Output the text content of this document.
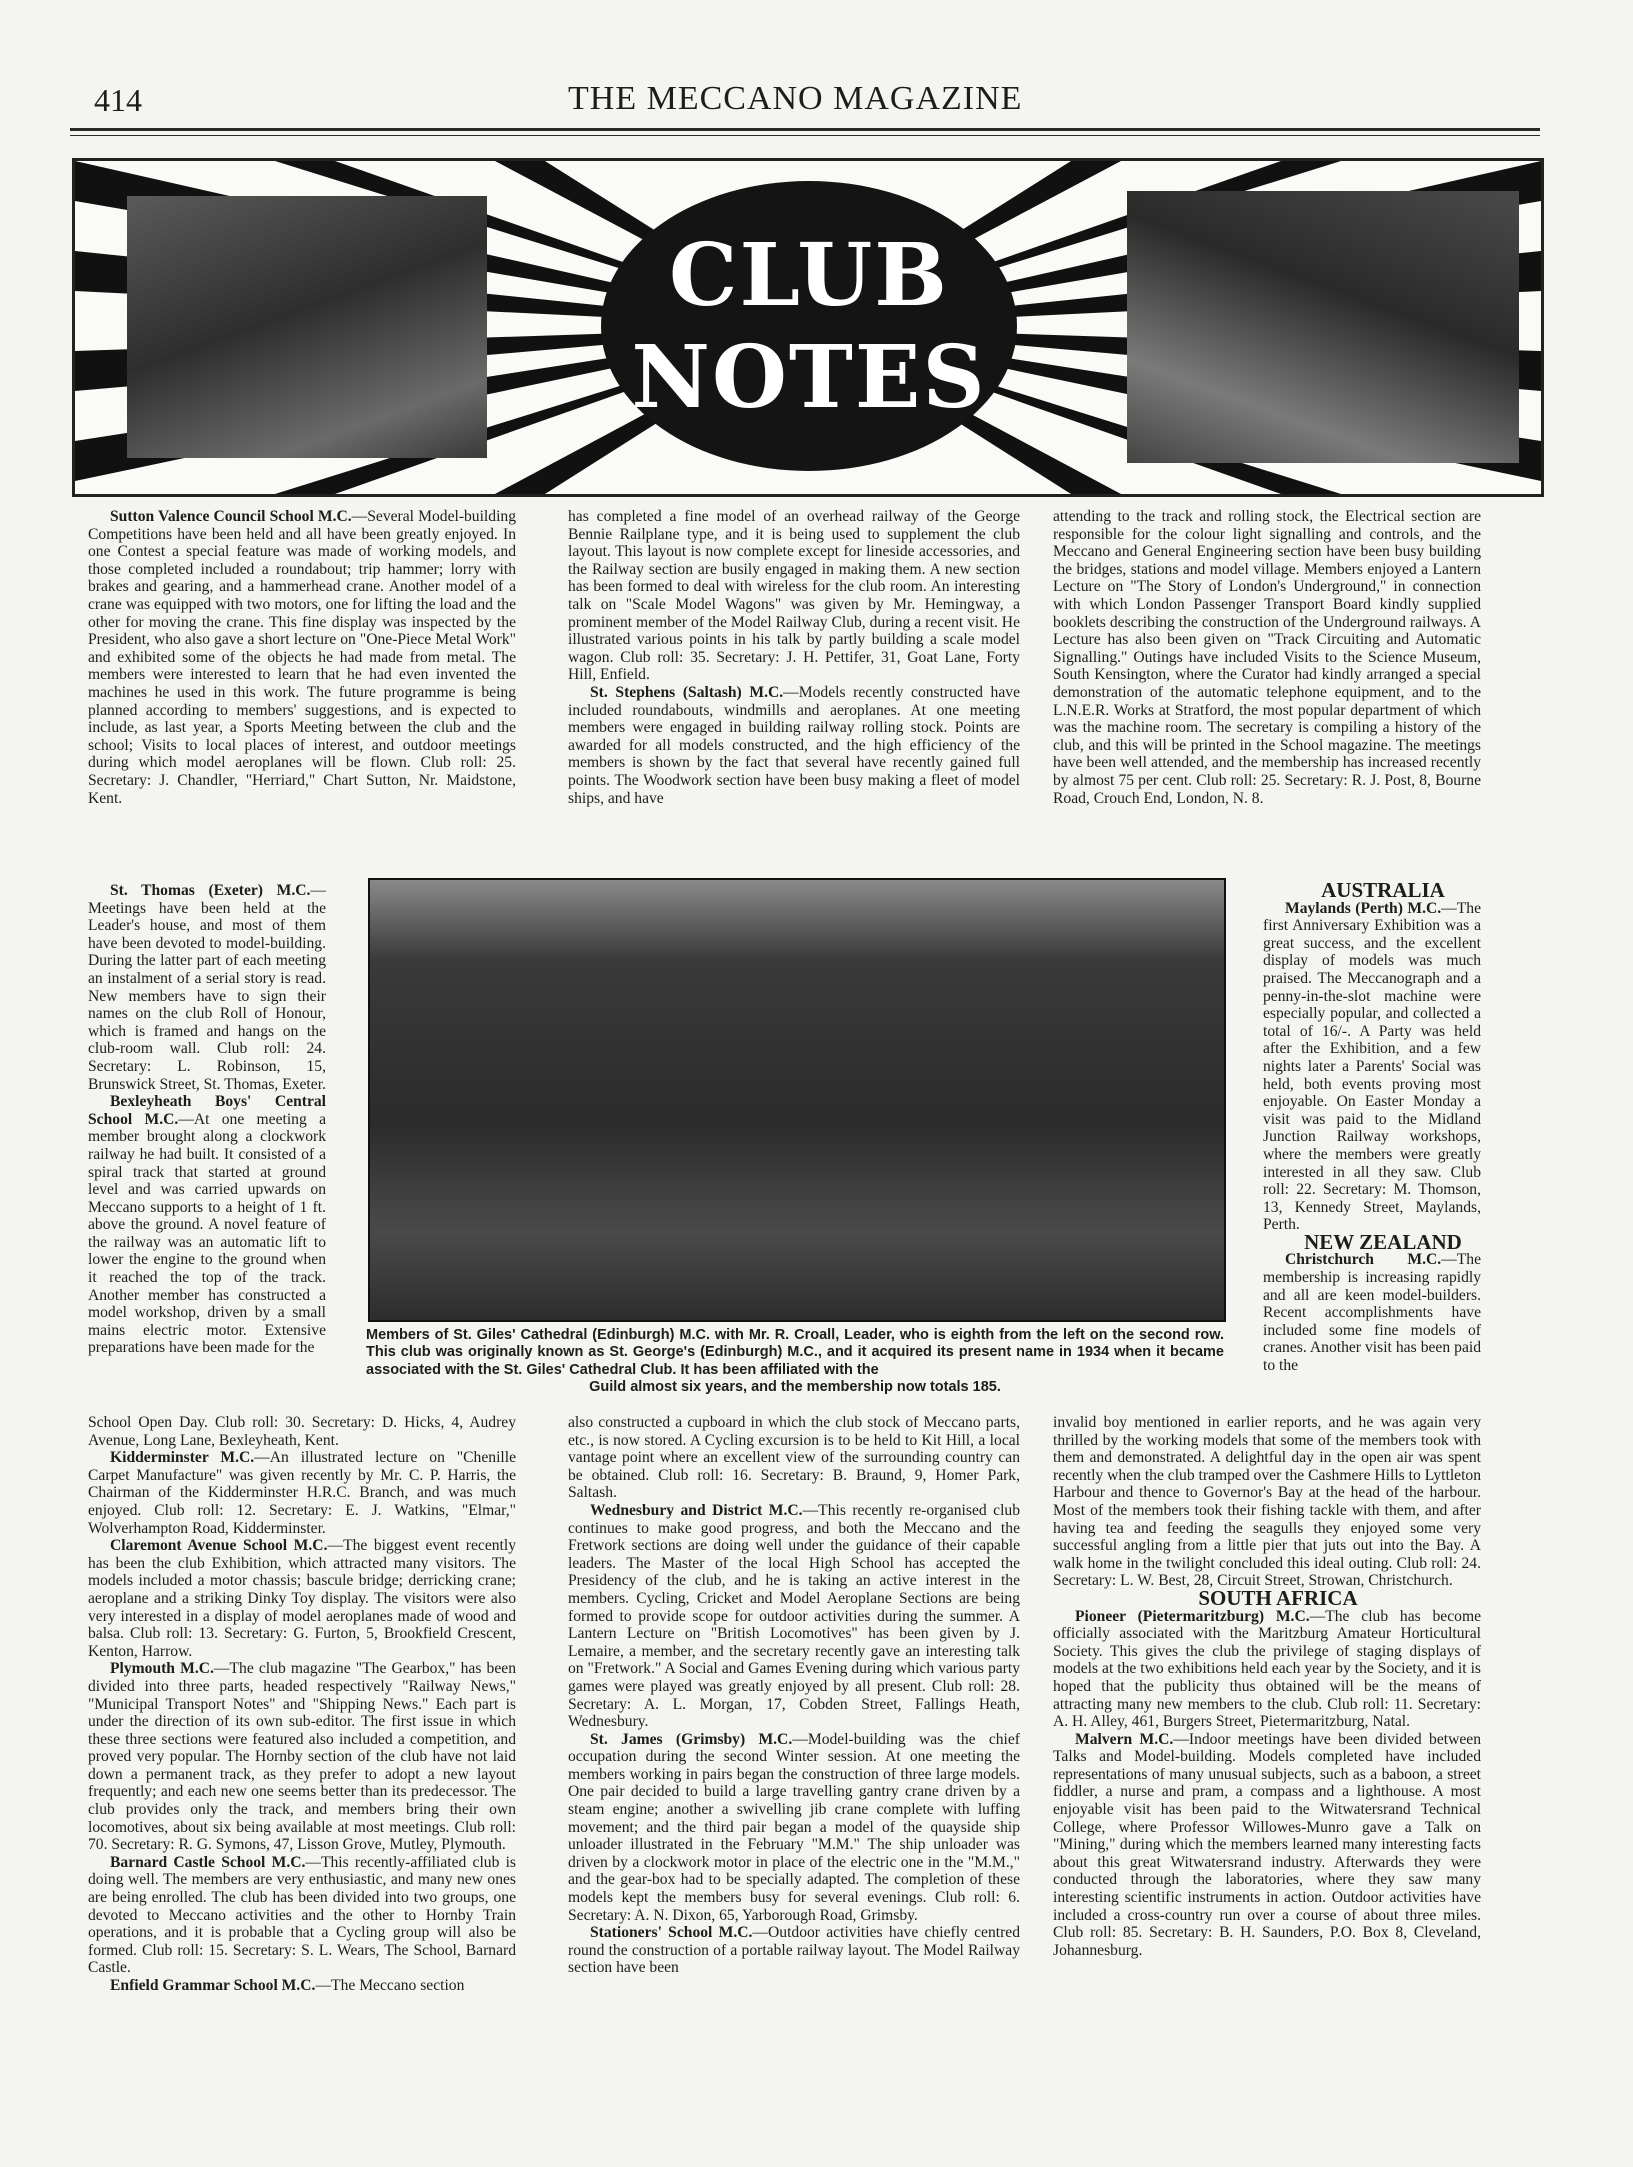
414	THE MECCANO MAGAZINE
CLUB
NOTES
Members of St. Giles' Cathedral (Edinburgh) M.C. with Mr. R. Croall, Leader, who is eighth from the left on the second row. This club was originally known as St. George's (Edinburgh) M.C., and it acquired its present name in 1934 when it became associated with the St. Giles' Cathedral Club. It has been affiliated with the
Guild almost six years, and the membership now totals 185.

Sutton Valence Council School M.C.—Several Model-building Competitions have been held and all have been greatly enjoyed. In one Contest a special feature was made of working models, and those completed included a roundabout; trip hammer; lorry with brakes and gearing, and a hammerhead crane. Another model of a crane was equipped with two motors, one for lifting the load and the other for moving the crane. This fine display was inspected by the President, who also gave a short lecture on "One-Piece Metal Work" and exhibited some of the objects he had made from metal. The members were interested to learn that he had even invented the machines he used in this work. The future programme is being planned according to members' suggestions, and is expected to include, as last year, a Sports Meeting between the club and the school; Visits to local places of interest, and outdoor meetings during which model aeroplanes will be flown. Club roll: 25. Secretary: J. Chandler, "Herriard," Chart Sutton, Nr. Maidstone, Kent.

St. Thomas (Exeter) M.C.—Meetings have been held at the Leader's house, and most of them have been devoted to model-building. During the latter part of each meeting an instalment of a serial story is read. New members have to sign their names on the club Roll of Honour, which is framed and hangs on the club-room wall. Club roll: 24. Secretary: L. Robinson, 15, Brunswick Street, St. Thomas, Exeter.

Bexleyheath Boys' Central School M.C.—At one meeting a member brought along a clockwork railway he had built. It consisted of a spiral track that started at ground level and was carried upwards on Meccano supports to a height of 1 ft. above the ground. A novel feature of the railway was an automatic lift to lower the engine to the ground when it reached the top of the track. Another member has constructed a model workshop, driven by a small mains electric motor. Extensive preparations have been made for the

School Open Day. Club roll: 30. Secretary: D. Hicks, 4, Audrey Avenue, Long Lane, Bexleyheath, Kent.

Kidderminster M.C.—An illustrated lecture on "Chenille Carpet Manufacture" was given recently by Mr. C. P. Harris, the Chairman of the Kidderminster H.R.C. Branch, and was much enjoyed. Club roll: 12. Secretary: E. J. Watkins, "Elmar," Wolverhampton Road, Kidderminster.

Claremont Avenue School M.C.—The biggest event recently has been the club Exhibition, which attracted many visitors. The models included a motor chassis; bascule bridge; derricking crane; aeroplane and a striking Dinky Toy display. The visitors were also very interested in a display of model aeroplanes made of wood and balsa. Club roll: 13. Secretary: G. Furton, 5, Brookfield Crescent, Kenton, Harrow.

Plymouth M.C.—The club magazine "The Gearbox," has been divided into three parts, headed respectively "Railway News," "Municipal Transport Notes" and "Shipping News." Each part is under the direction of its own sub-editor. The first issue in which these three sections were featured also included a competition, and proved very popular. The Hornby section of the club have not laid down a permanent track, as they prefer to adopt a new layout frequently; and each new one seems better than its predecessor. The club provides only the track, and members bring their own locomotives, about six being available at most meetings. Club roll: 70. Secretary: R. G. Symons, 47, Lisson Grove, Mutley, Plymouth.

Barnard Castle School M.C.—This recently-affiliated club is doing well. The members are very enthusiastic, and many new ones are being enrolled. The club has been divided into two groups, one devoted to Meccano activities and the other to Hornby Train operations, and it is probable that a Cycling group will also be formed. Club roll: 15. Secretary: S. L. Wears, The School, Barnard Castle.

Enfield Grammar School M.C.—The Meccano section

has completed a fine model of an overhead railway of the George Bennie Railplane type, and it is being used to supplement the club layout. This layout is now complete except for lineside accessories, and the Railway section are busily engaged in making them. A new section has been formed to deal with wireless for the club room. An interesting talk on "Scale Model Wagons" was given by Mr. Hemingway, a prominent member of the Model Railway Club, during a recent visit. He illustrated various points in his talk by partly building a scale model wagon. Club roll: 35. Secretary: J. H. Pettifer, 31, Goat Lane, Forty Hill, Enfield.

St. Stephens (Saltash) M.C.—Models recently constructed have included roundabouts, windmills and aeroplanes. At one meeting members were engaged in building railway rolling stock. Points are awarded for all models constructed, and the high efficiency of the members is shown by the fact that several have recently gained full points. The Woodwork section have been busy making a fleet of model ships, and have

also constructed a cupboard in which the club stock of Meccano parts, etc., is now stored. A Cycling excursion is to be held to Kit Hill, a local vantage point where an excellent view of the surrounding country can be obtained. Club roll: 16. Secretary: B. Braund, 9, Homer Park, Saltash.

Wednesbury and District M.C.—This recently re-organised club continues to make good progress, and both the Meccano and the Fretwork sections are doing well under the guidance of their capable leaders. The Master of the local High School has accepted the Presidency of the club, and he is taking an active interest in the members. Cycling, Cricket and Model Aeroplane Sections are being formed to provide scope for outdoor activities during the summer. A Lantern Lecture on "British Locomotives" has been given by J. Lemaire, a member, and the secretary recently gave an interesting talk on "Fretwork." A Social and Games Evening during which various party games were played was greatly enjoyed by all present. Club roll: 28. Secretary: A. L. Morgan, 17, Cobden Street, Fallings Heath, Wednesbury.

St. James (Grimsby) M.C.—Model-building was the chief occupation during the second Winter session. At one meeting the members working in pairs began the construction of three large models. One pair decided to build a large travelling gantry crane driven by a steam engine; another a swivelling jib crane complete with luffing movement; and the third pair began a model of the quayside ship unloader illustrated in the February "M.M." The ship unloader was driven by a clockwork motor in place of the electric one in the "M.M.," and the gear-box had to be specially adapted. The completion of these models kept the members busy for several evenings. Club roll: 6. Secretary: A. N. Dixon, 65, Yarborough Road, Grimsby.

Stationers' School M.C.—Outdoor activities have chiefly centred round the construction of a portable railway layout. The Model Railway section have been

attending to the track and rolling stock, the Electrical section are responsible for the colour light signalling and controls, and the Meccano and General Engineering section have been busy building the bridges, stations and model village. Members enjoyed a Lantern Lecture on "The Story of London's Underground," in connection with which London Passenger Transport Board kindly supplied booklets describing the construction of the Underground railways. A Lecture has also been given on "Track Circuiting and Automatic Signalling." Outings have included Visits to the Science Museum, South Kensington, where the Curator had kindly arranged a special demonstration of the automatic telephone equipment, and to the L.N.E.R. Works at Stratford, the most popular department of which was the machine room. The secretary is compiling a history of the club, and this will be printed in the School magazine. The meetings have been well attended, and the membership has increased recently by almost 75 per cent. Club roll: 25. Secretary: R. J. Post, 8, Bourne Road, Crouch End, London, N. 8.

AUSTRALIA

Maylands (Perth) M.C.—The first Anniversary Exhibition was a great success, and the excellent display of models was much praised. The Meccanograph and a penny-in-the-slot machine were especially popular, and collected a total of 16/-. A Party was held after the Exhibition, and a few nights later a Parents' Social was held, both events proving most enjoyable. On Easter Monday a visit was paid to the Midland Junction Railway workshops, where the members were greatly interested in all they saw. Club roll: 22. Secretary: M. Thomson, 13, Kennedy Street, Maylands, Perth.

NEW ZEALAND

Christchurch M.C.—The membership is increasing rapidly and all are keen model-builders. Recent accomplishments have included some fine models of cranes. Another visit has been paid to the

invalid boy mentioned in earlier reports, and he was again very thrilled by the working models that some of the members took with them and demonstrated. A delightful day in the open air was spent recently when the club tramped over the Cashmere Hills to Lyttleton Harbour and thence to Governor's Bay at the head of the harbour. Most of the members took their fishing tackle with them, and after having tea and feeding the seagulls they enjoyed some very successful angling from a little pier that juts out into the Bay. A walk home in the twilight concluded this ideal outing. Club roll: 24. Secretary: L. W. Best, 28, Circuit Street, Strowan, Christchurch.

SOUTH AFRICA

Pioneer (Pietermaritzburg) M.C.—The club has become officially associated with the Maritzburg Amateur Horticultural Society. This gives the club the privilege of staging displays of models at the two exhibitions held each year by the Society, and it is hoped that the publicity thus obtained will be the means of attracting many new members to the club. Club roll: 11. Secretary: A. H. Alley, 461, Burgers Street, Pietermaritzburg, Natal.

Malvern M.C.—Indoor meetings have been divided between Talks and Model-building. Models completed have included representations of many unusual subjects, such as a baboon, a street fiddler, a nurse and pram, a compass and a lighthouse. A most enjoyable visit has been paid to the Witwatersrand Technical College, where Professor Willowes-Munro gave a Talk on "Mining," during which the members learned many interesting facts about this great Witwatersrand industry. Afterwards they were conducted through the laboratories, where they saw many interesting scientific instruments in action. Outdoor activities have included a cross-country run over a course of about three miles. Club roll: 85. Secretary: B. H. Saunders, P.O. Box 8, Cleveland, Johannesburg.
